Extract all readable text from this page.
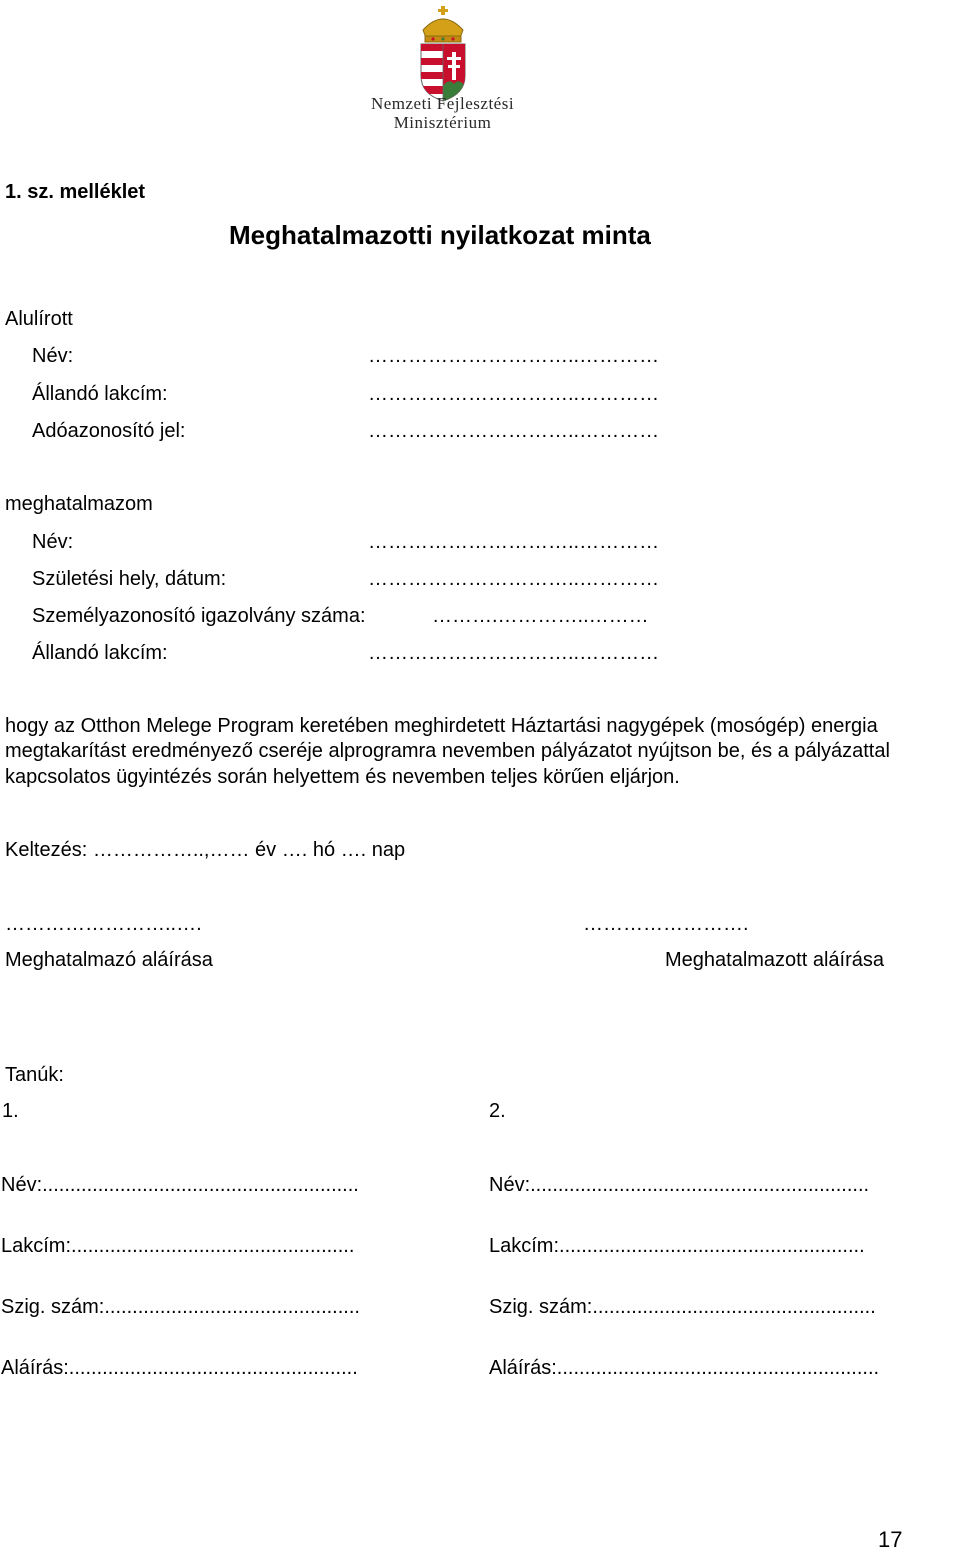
Nemzeti Fejlesztési
Minisztérium
1. sz. melléklet
Meghatalmazotti nyilatkozat minta
Alulírott
Név:	…………………………..…………
Állandó lakcím:	…………………………..…………
Adóazonosító jel:	…………………………..…………
meghatalmazom
Név:	…………………………..…………
Születési hely, dátum:	…………………………..…………
Személyazonosító igazolvány száma:	……….…………..………
Állandó lakcím:	…………………………..…………
hogy az Otthon Melege Program keretében meghirdetett Háztartási nagygépek (mosógép) energia megtakarítást eredményező cseréje alprogramra nevemben pályázatot nyújtson be, és a pályázattal kapcsolatos ügyintézés során helyettem és nevemben teljes körűen eljárjon.
Keltezés: ……………..,…… év …. hó …. nap
……………………..….
Meghatalmazó aláírása
…………………….
Meghatalmazott aláírása
Tanúk:
1.	2.
Név:.........................................................	Név:.............................................................
Lakcím:...................................................	Lakcím:.......................................................
Szig. szám:..............................................	Szig. szám:...................................................
Aláírás:....................................................	Aláírás:..........................................................
17
